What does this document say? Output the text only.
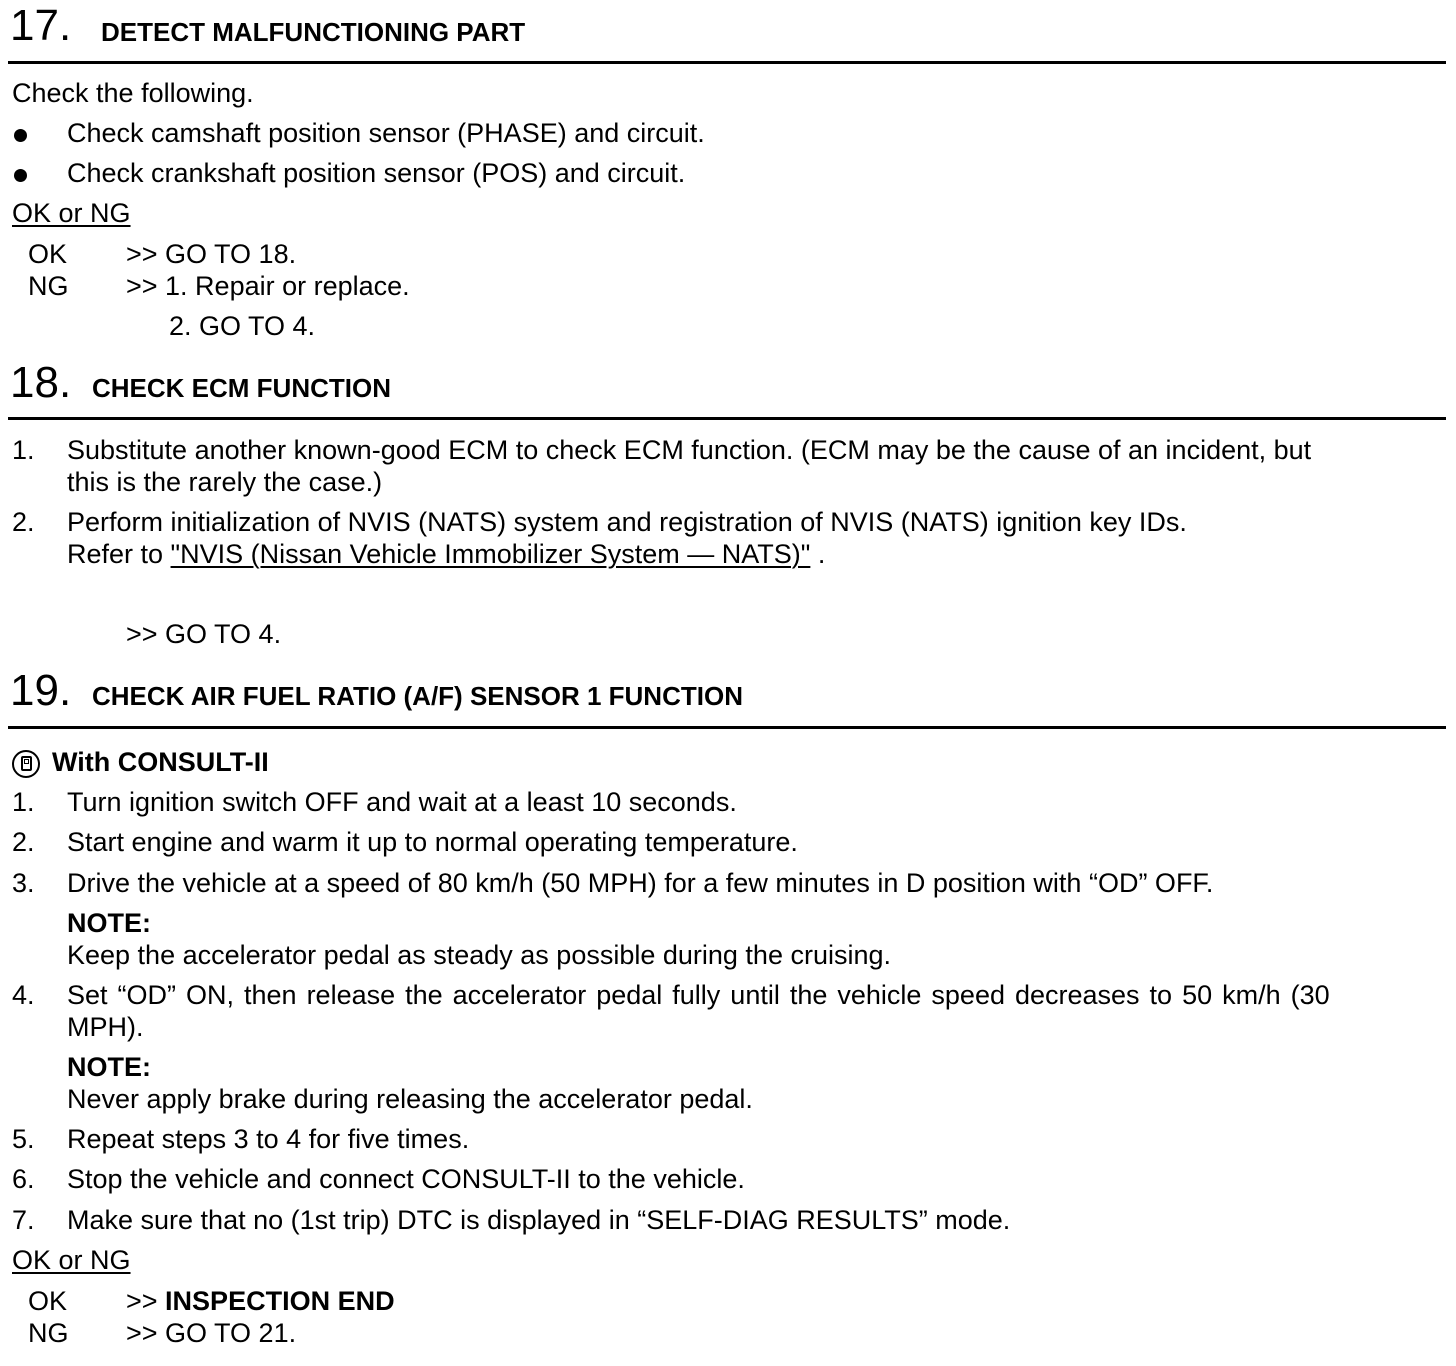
17. DETECT MALFUNCTIONING PART
Check the following.
Check camshaft position sensor (PHASE) and circuit.
Check crankshaft position sensor (POS) and circuit.
OK or NG
OK >> GO TO 18.
NG >> 1. Repair or replace.
2. GO TO 4.
18. CHECK ECM FUNCTION
1. Substitute another known-good ECM to check ECM function. (ECM may be the cause of an incident, but
this is the rarely the case.)
2. Perform initialization of NVIS (NATS) system and registration of NVIS (NATS) ignition key IDs.
Refer to "NVIS (Nissan Vehicle Immobilizer System — NATS)" .
>> GO TO 4.
19. CHECK AIR FUEL RATIO (A/F) SENSOR 1 FUNCTION
With CONSULT-II
1. Turn ignition switch OFF and wait at a least 10 seconds.
2. Start engine and warm it up to normal operating temperature.
3. Drive the vehicle at a speed of 80 km/h (50 MPH) for a few minutes in D position with “OD” OFF.
NOTE:
Keep the accelerator pedal as steady as possible during the cruising.
4. Set “OD” ON, then release the accelerator pedal fully until the vehicle speed decreases to 50 km/h (30
MPH).
NOTE:
Never apply brake during releasing the accelerator pedal.
5. Repeat steps 3 to 4 for five times.
6. Stop the vehicle and connect CONSULT-II to the vehicle.
7. Make sure that no (1st trip) DTC is displayed in “SELF-DIAG RESULTS” mode.
OK or NG
OK >> INSPECTION END
NG >> GO TO 21.
